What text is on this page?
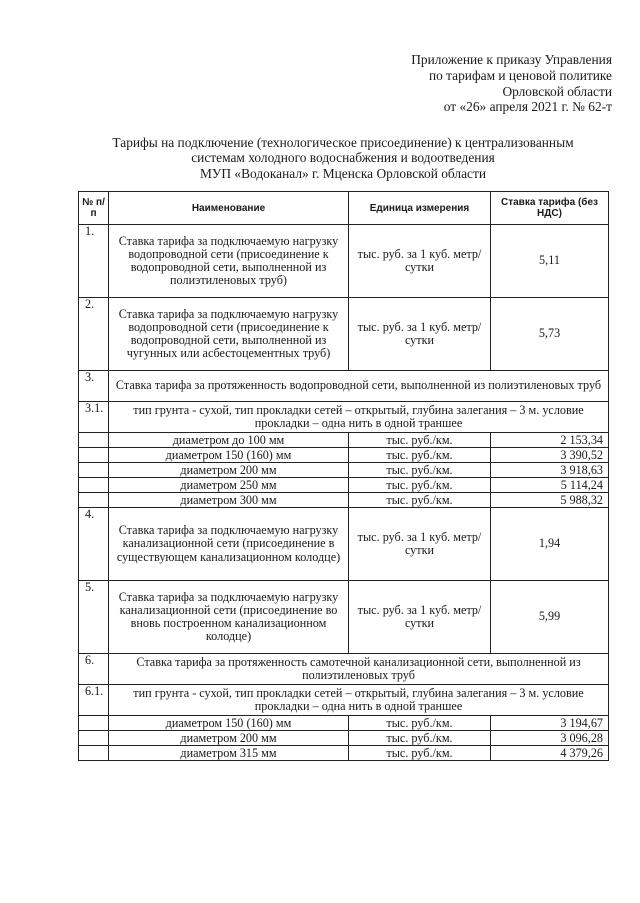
Приложение к приказу Управления
по тарифам и ценовой политике
Орловской области
от «26» апреля 2021 г. № 62-т
Тарифы на подключение (технологическое присоединение) к централизованным
системам холодного водоснабжения и водоотведения
МУП «Водоканал» г. Мценска Орловской области
№ п/п	Наименование	Единица измерения	Ставка тарифа (без НДС)
1.	Ставка тарифа за подключаемую нагрузку водопроводной сети (присоединение к водопроводной сети, выполненной из полиэтиленовых труб)	тыс. руб. за 1 куб. метр/сутки	5,11
2.	Ставка тарифа за подключаемую нагрузку водопроводной сети (присоединение к водопроводной сети, выполненной из чугунных или асбестоцементных труб)	тыс. руб. за 1 куб. метр/сутки	5,73
3.	Ставка тарифа за протяженность водопроводной сети, выполненной из полиэтиленовых труб		
3.1.	тип грунта - сухой, тип прокладки сетей – открытый, глубина залегания – 3 м. условие прокладки – одна нить в одной траншее		
	диаметром до 100 мм	тыс. руб./км.	2 153,34
	диаметром 150 (160) мм	тыс. руб./км.	3 390,52
	диаметром 200 мм	тыс. руб./км.	3 918,63
	диаметром 250 мм	тыс. руб./км.	5 114,24
	диаметром 300 мм	тыс. руб./км.	5 988,32
4.	Ставка тарифа за подключаемую нагрузку канализационной сети (присоединение в существующем канализационном колодце)	тыс. руб. за 1 куб. метр/сутки	1,94
5.	Ставка тарифа за подключаемую нагрузку канализационной сети (присоединение во вновь построенном канализационном колодце)	тыс. руб. за 1 куб. метр/сутки	5,99
6.	Ставка тарифа за протяженность самотечной канализационной сети, выполненной из полиэтиленовых труб		
6.1.	тип грунта - сухой, тип прокладки сетей – открытый, глубина залегания – 3 м. условие прокладки – одна нить в одной траншее		
	диаметром 150 (160) мм	тыс. руб./км.	3 194,67
	диаметром 200 мм	тыс. руб./км.	3 096,28
	диаметром 315 мм	тыс. руб./км.	4 379,26
